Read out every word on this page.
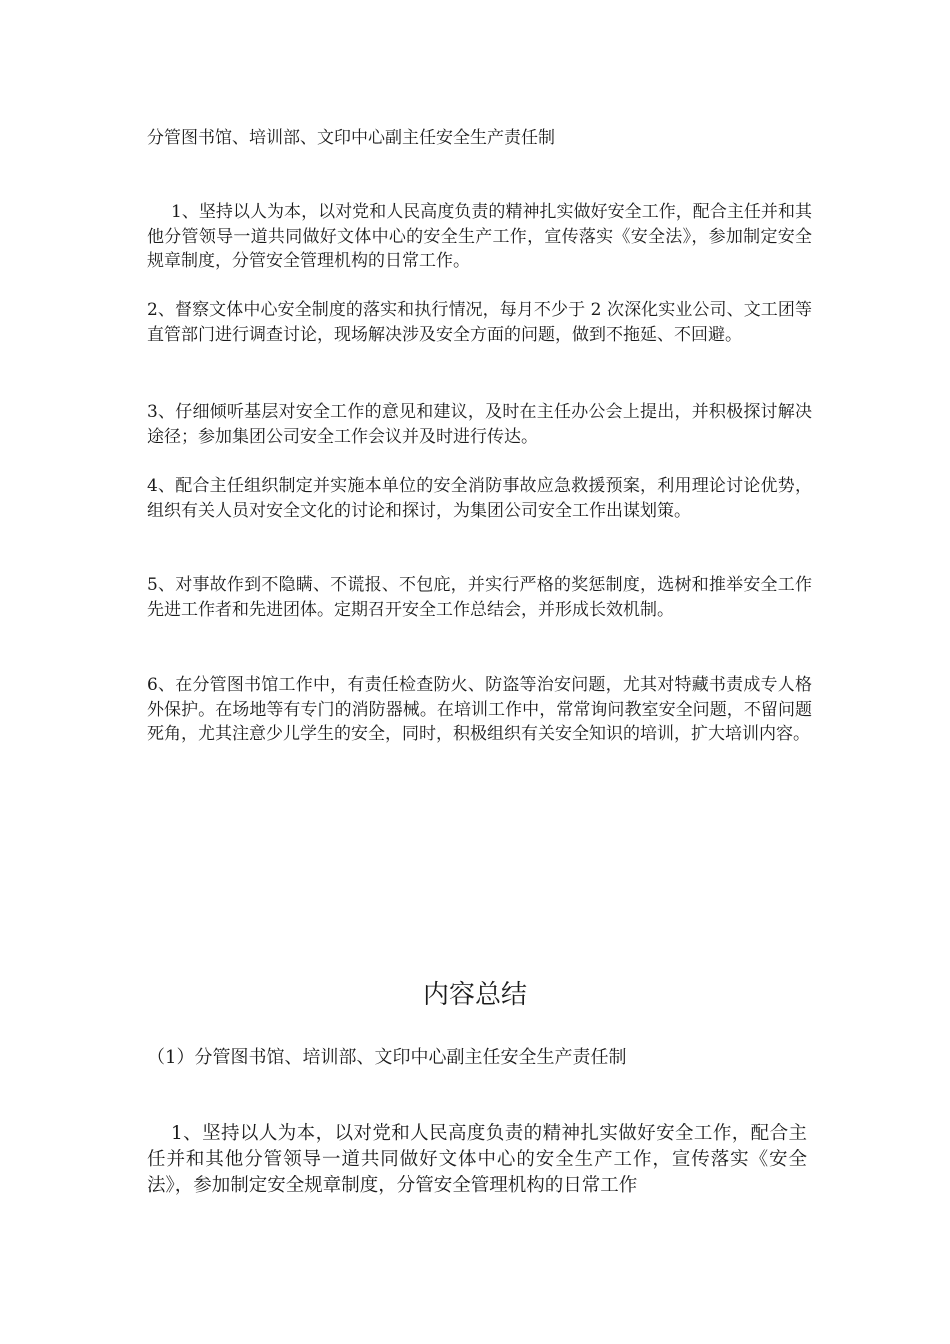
分管图书馆、培训部、文印中心副主任安全生产责任制

1、坚持以人为本，以对党和人民高度负责的精神扎实做好安全工作，配合主任并和其他分管领导一道共同做好文体中心的安全生产工作，宣传落实《安全法》，参加制定安全规章制度，分管安全管理机构的日常工作。

2、督察文体中心安全制度的落实和执行情况，每月不少于 2 次深化实业公司、文工团等直管部门进行调查讨论，现场解决涉及安全方面的问题，做到不拖延、不回避。

3、仔细倾听基层对安全工作的意见和建议，及时在主任办公会上提出，并积极探讨解决途径；参加集团公司安全工作会议并及时进行传达。

4、配合主任组织制定并实施本单位的安全消防事故应急救援预案，利用理论讨论优势，组织有关人员对安全文化的讨论和探讨，为集团公司安全工作出谋划策。

5、对事故作到不隐瞒、不谎报、不包庇，并实行严格的奖惩制度，选树和推举安全工作先进工作者和先进团体。定期召开安全工作总结会，并形成长效机制。

6、在分管图书馆工作中，有责任检查防火、防盗等治安问题，尤其对特藏书责成专人格外保护。在场地等有专门的消防器械。在培训工作中，常常询问教室安全问题，不留问题死角，尤其注意少儿学生的安全，同时，积极组织有关安全知识的培训，扩大培训内容。

内容总结

（1）分管图书馆、培训部、文印中心副主任安全生产责任制

1、坚持以人为本，以对党和人民高度负责的精神扎实做好安全工作，配合主任并和其他分管领导一道共同做好文体中心的安全生产工作，宣传落实《安全法》，参加制定安全规章制度，分管安全管理机构的日常工作
